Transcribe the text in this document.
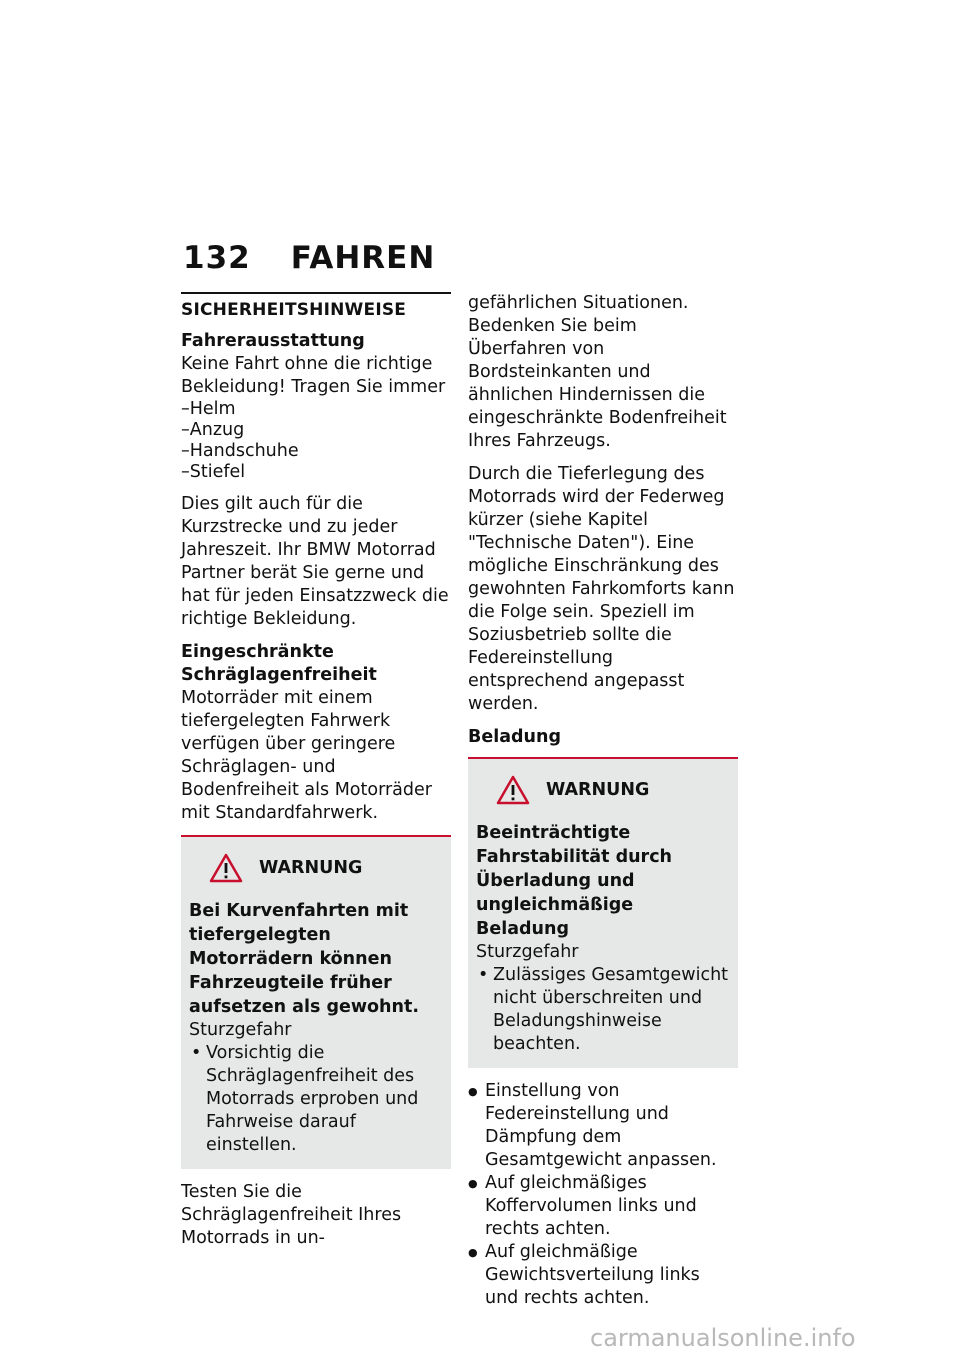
132 FAHREN
SICHERHEITSHINWEISE
Fahrerausstattung

Keine Fahrt ohne die richtige Bekleidung! Tragen Sie immer

–Helm
–Anzug
–Handschuhe
–Stiefel

Dies gilt auch für die Kurzstrecke und zu jeder Jahreszeit. Ihr BMW Motorrad Partner berät Sie gerne und hat für jeden Einsatzzweck die richtige Bekleidung.

Eingeschränkte Schräglagenfreiheit

Motorräder mit einem tiefergelegten Fahrwerk verfügen über geringere Schräglagen- und Bodenfreiheit als Motorräder mit Standardfahrwerk.

WARNUNG
Bei Kurvenfahrten mit tiefergelegten Motorrädern können Fahrzeugteile früher aufsetzen als gewohnt.
Sturzgefahr
• Vorsichtig die Schräglagenfreiheit des Motorrads erproben und Fahrweise darauf einstellen.

Testen Sie die Schräglagenfreiheit Ihres Motorrads in un-

gefährlichen Situationen. Bedenken Sie beim Überfahren von Bordsteinkanten und ähnlichen Hindernissen die eingeschränkte Bodenfreiheit Ihres Fahrzeugs.

Durch die Tieferlegung des Motorrads wird der Federweg kürzer (siehe Kapitel "Technische Daten"). Eine mögliche Einschränkung des gewohnten Fahrkomforts kann die Folge sein. Speziell im Soziusbetrieb sollte die Federeinstellung entsprechend angepasst werden.

Beladung
WARNUNG
Beeinträchtigte Fahrstabilität durch Überladung und ungleichmäßige Beladung
Sturzgefahr
• Zulässiges Gesamtgewicht nicht überschreiten und Beladungshinweise beachten.
● Einstellung von Federeinstellung und Dämpfung dem Gesamtgewicht anpassen.
● Auf gleichmäßiges Koffervolumen links und rechts achten.
● Auf gleichmäßige Gewichtsverteilung links und rechts achten.
carmanualsonline.info
